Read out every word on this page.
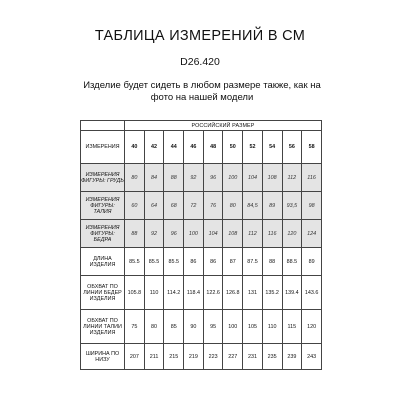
ТАБЛИЦА ИЗМЕРЕНИЙ В СМ
D26.420
Изделие будет сидеть в любом размере также, как на фото на нашей модели
	РОССИЙСКИЙ РАЗМЕР									
ИЗМЕРЕНИЯ	40	42	44	46	48	50	52	54	56	58
ИЗМЕРЕНИЯ ФИГУРЫ: ГРУДЬ	80	84	88	92	96	100	104	108	112	116
ИЗМЕРЕНИЯ ФИГУРЫ: ТАЛИЯ	60	64	68	72	76	80	84,5	89	93,5	98
ИЗМЕРЕНИЯ ФИГУРЫ: БЕДРА	88	92	96	100	104	108	112	116	120	124
ДЛИНА ИЗДЕЛИЯ	85.5	85.5	85.5	86	86	87	87.5	88	88.5	89
ОБХВАТ ПО ЛИНИИ БЕДЕР ИЗДЕЛИЯ	105.8	110	114.2	118.4	122.6	126.8	131	135.2	139.4	143.6
ОБХВАТ ПО ЛИНИИ ТАЛИИ ИЗДЕЛИЯ	75	80	85	90	95	100	105	110	115	120
ШИРИНА ПО НИЗУ	207	211	215	219	223	227	231	235	239	243
